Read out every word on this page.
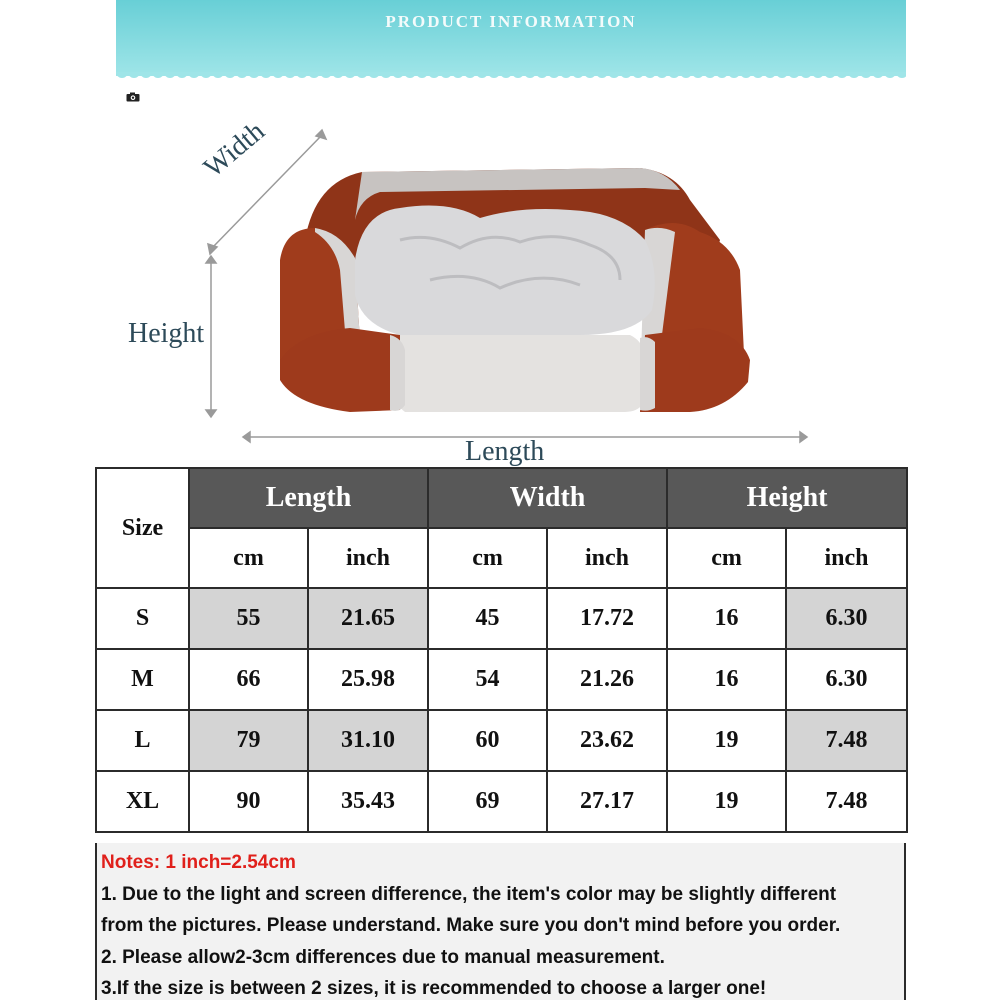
PRODUCT INFORMATION
Width
Height
Length
Size	Length		Width		Height	
	cm	inch	cm	inch	cm	inch
S	55	21.65	45	17.72	16	6.30
M	66	25.98	54	21.26	16	6.30
L	79	31.10	60	23.62	19	7.48
XL	90	35.43	69	27.17	19	7.48
Notes: 1 inch=2.54cm
1. Due to the light and screen difference, the item's color may be slightly different
from the pictures. Please understand. Make sure you don't mind before you order.
2. Please allow2-3cm differences due to manual measurement.
3.If the size is between 2 sizes, it is recommended to choose a larger one!
